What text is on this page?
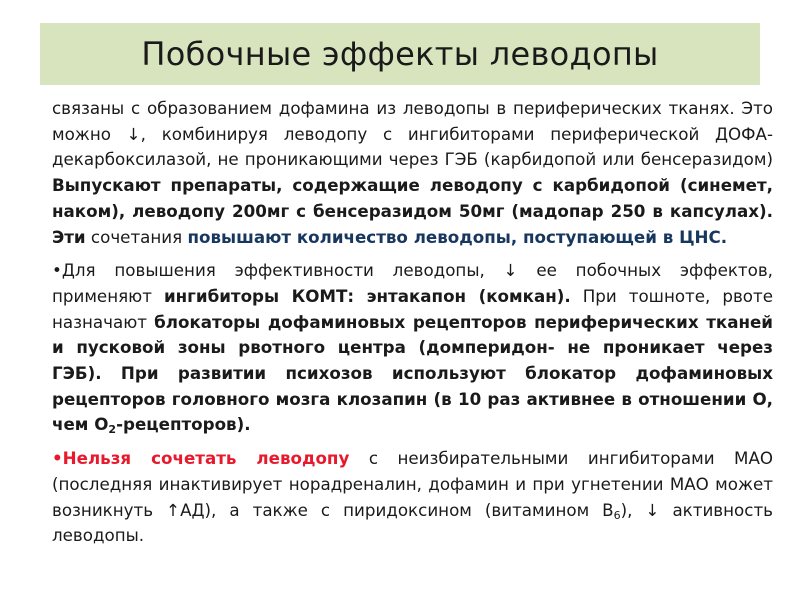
Побочные эффекты леводопы

связаны с образованием дофамина из леводопы в периферических тканях. Это можно ↓, комбинируя леводопу с ингибиторами периферической ДОФА-декарбоксилазой, не проникающими через ГЭБ (карбидопой или бенсеразидом) Выпускают препараты, содержащие леводопу с карбидопой (синемет, наком), леводопу 200мг с бенсеразидом 50мг (мадопар 250 в капсулах). Эти сочетания повышают количество леводопы, поступающей в ЦНС.

•Для повышения эффективности леводопы, ↓ ее побочных эффектов, применяют ингибиторы КОМТ: энтакапон (комкан). При тошноте, рвоте назначают блокаторы дофаминовых рецепторов периферических тканей и пусковой зоны рвотного центра (домперидон- не проникает через ГЭБ). При развитии психозов используют блокатор дофаминовых рецепторов головного мозга клозапин (в 10 раз активнее в отношении О, чем $О_2-рецепторов$).

•Нельзя сочетать леводопу с неизбирательными ингибиторами МАО (последняя инактивирует норадреналин, дофамин и при угнетении МАО может возникнуть ↑АД), а также с пиридоксином (витамином $В_6$), ↓ активность леводопы.
